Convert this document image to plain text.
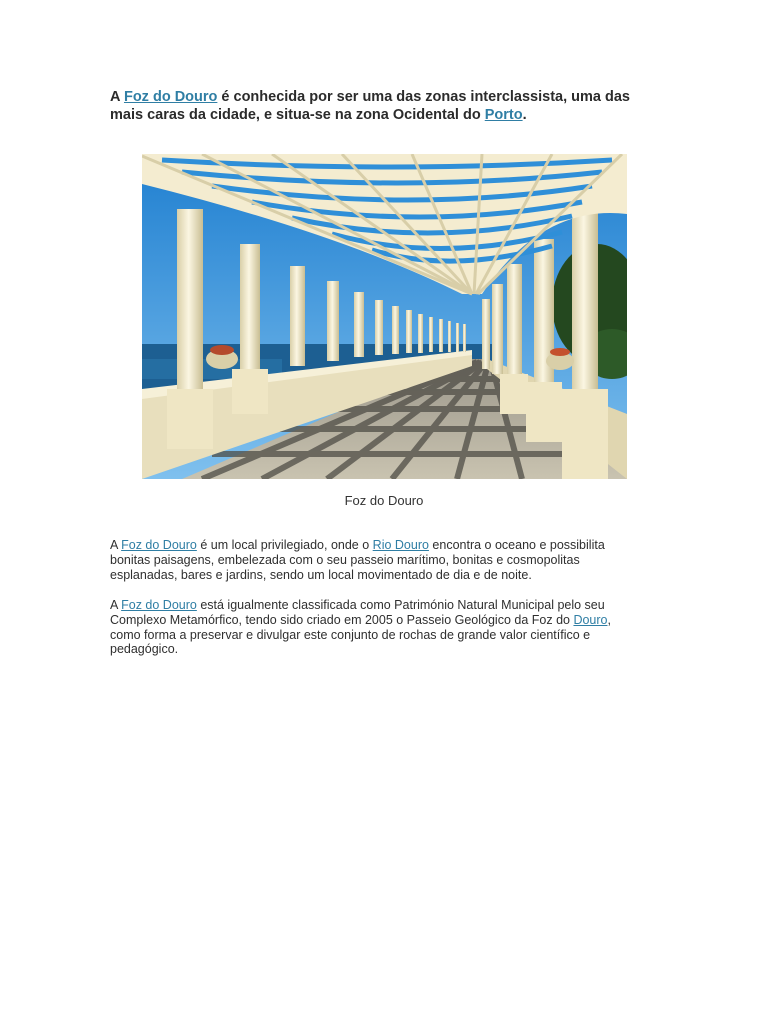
A Foz do Douro é conhecida por ser uma das zonas interclassista, uma das mais caras da cidade, e situa-se na zona Ocidental do Porto.
Foz do Douro
A Foz do Douro é um local privilegiado, onde o Rio Douro encontra o oceano e possibilita bonitas paisagens, embelezada com o seu passeio marítimo, bonitas e cosmopolitas esplanadas, bares e jardins, sendo um local movimentado de dia e de noite.
A Foz do Douro está igualmente classificada como Património Natural Municipal pelo seu Complexo Metamórfico, tendo sido criado em 2005 o Passeio Geológico da Foz do Douro, como forma a preservar e divulgar este conjunto de rochas de grande valor científico e pedagógico.
